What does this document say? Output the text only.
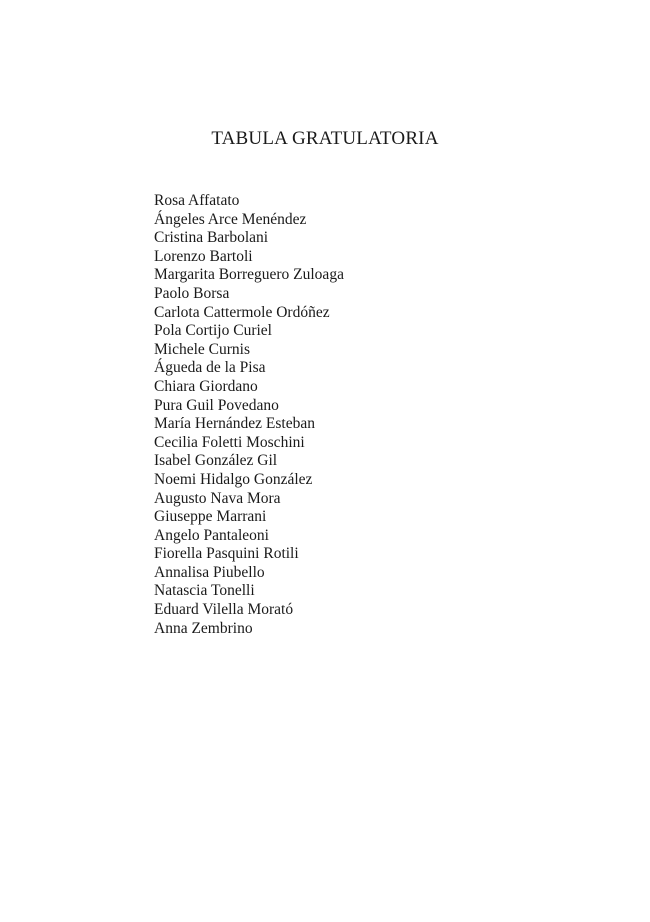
TABULA GRATULATORIA
Rosa Affatato
Ángeles Arce Menéndez
Cristina Barbolani
Lorenzo Bartoli
Margarita Borreguero Zuloaga
Paolo Borsa
Carlota Cattermole Ordóñez
Pola Cortijo Curiel
Michele Curnis
Águeda de la Pisa
Chiara Giordano
Pura Guil Povedano
María Hernández Esteban
Cecilia Foletti Moschini
Isabel González Gil
Noemi Hidalgo González
Augusto Nava Mora
Giuseppe Marrani
Angelo Pantaleoni
Fiorella Pasquini Rotili
Annalisa Piubello
Natascia Tonelli
Eduard Vilella Morató
Anna Zembrino
